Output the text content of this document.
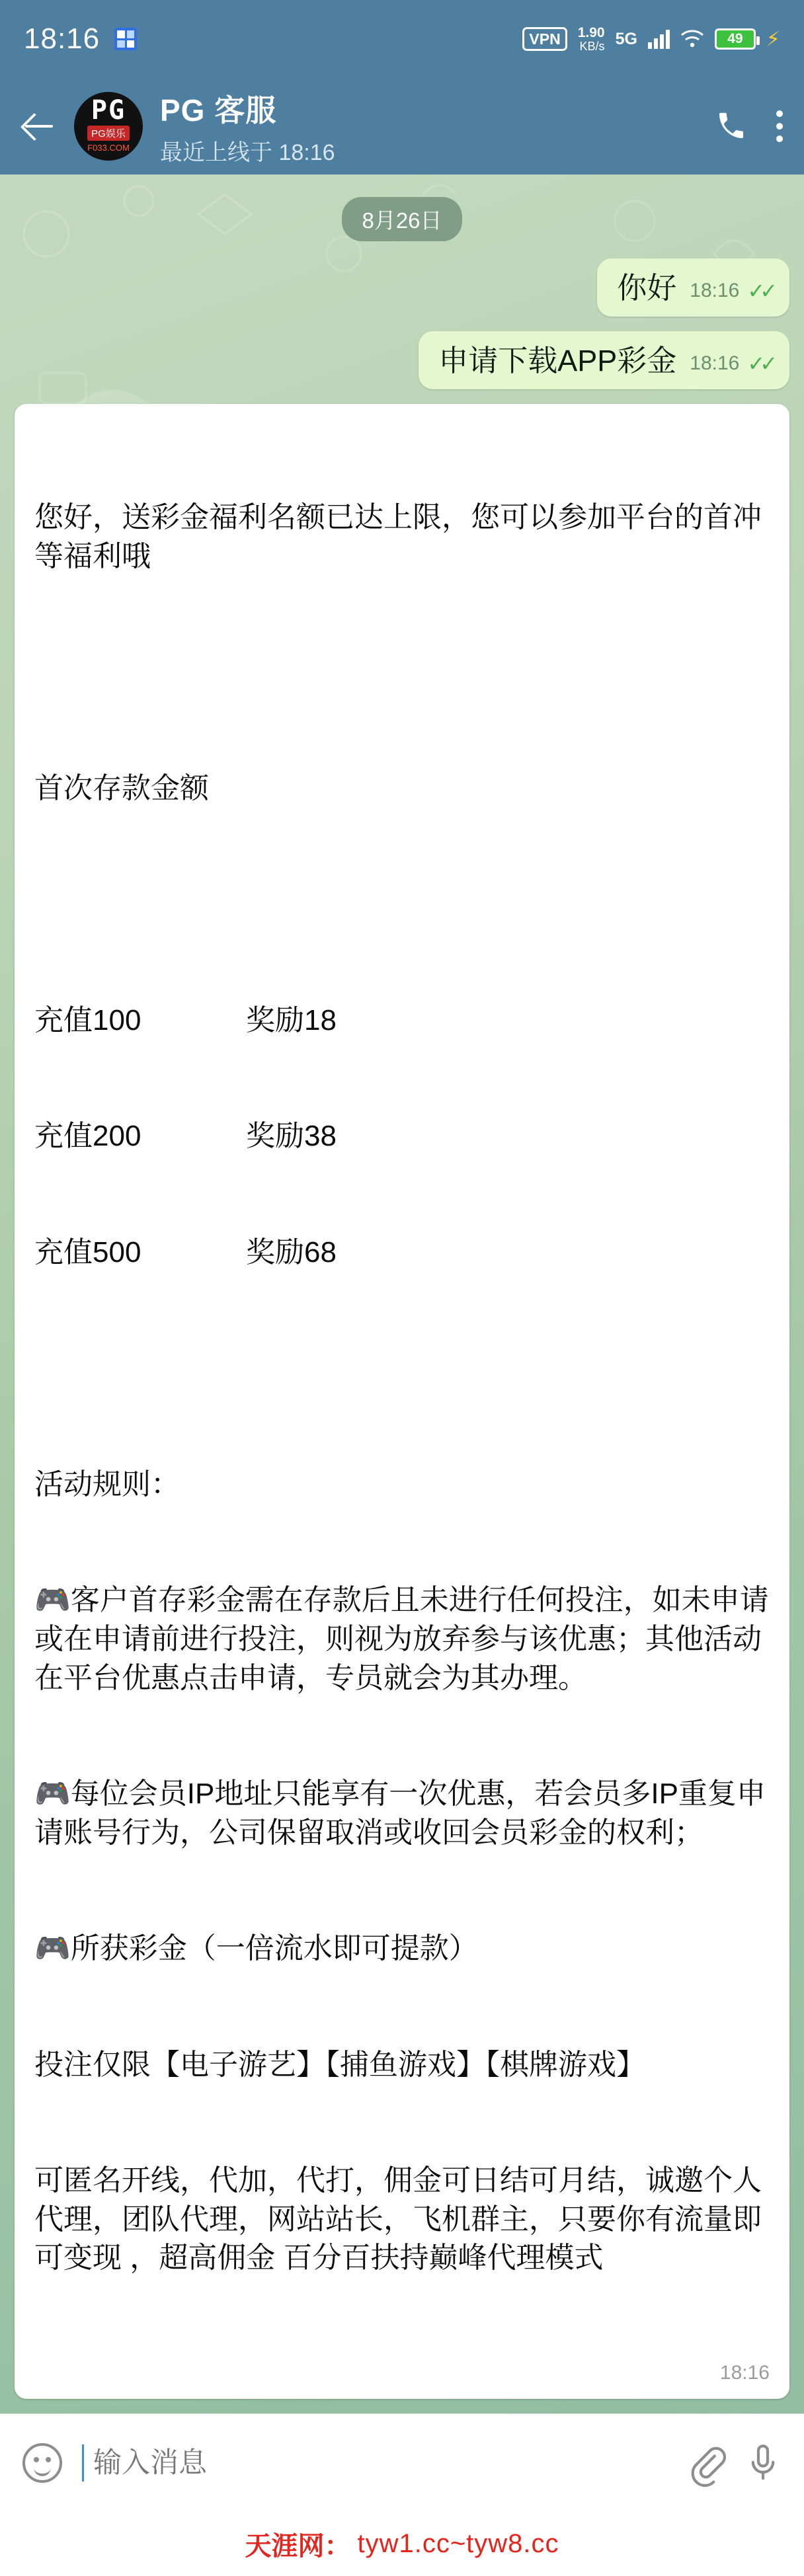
18:16	VPN	1.90
KB/s 5G	49 ⚡
PG
PG娱乐
F033.COM
PG 客服
最近上线于 18:16
8月26日
你好 18:16 ✓✓
申请下载APP彩金 18:16 ✓✓

您好，送彩金福利名额已达上限，您可以参加平台的首冲等福利哦

首次存款金额

充值100	奖励18

充值200	奖励38

充值500	奖励68

活动规则：

🎮客户首存彩金需在存款后且未进行任何投注，如未申请或在申请前进行投注，则视为放弃参与该优惠；其他活动在平台优惠点击申请，专员就会为其办理。

🎮每位会员IP地址只能享有一次优惠，若会员多IP重复申请账号行为，公司保留取消或收回会员彩金的权利；

🎮所获彩金（一倍流水即可提款）

投注仅限【电子游艺】【捕鱼游戏】【棋牌游戏】

可匿名开线，代加，代打，佣金可日结可月结，诚邀个人代理，团队代理，网站站长，飞机群主，只要你有流量即可变现 ，超高佣金 百分百扶持巅峰代理模式

18:16
输入消息
天涯网： tyw1.cc~tyw8.cc
